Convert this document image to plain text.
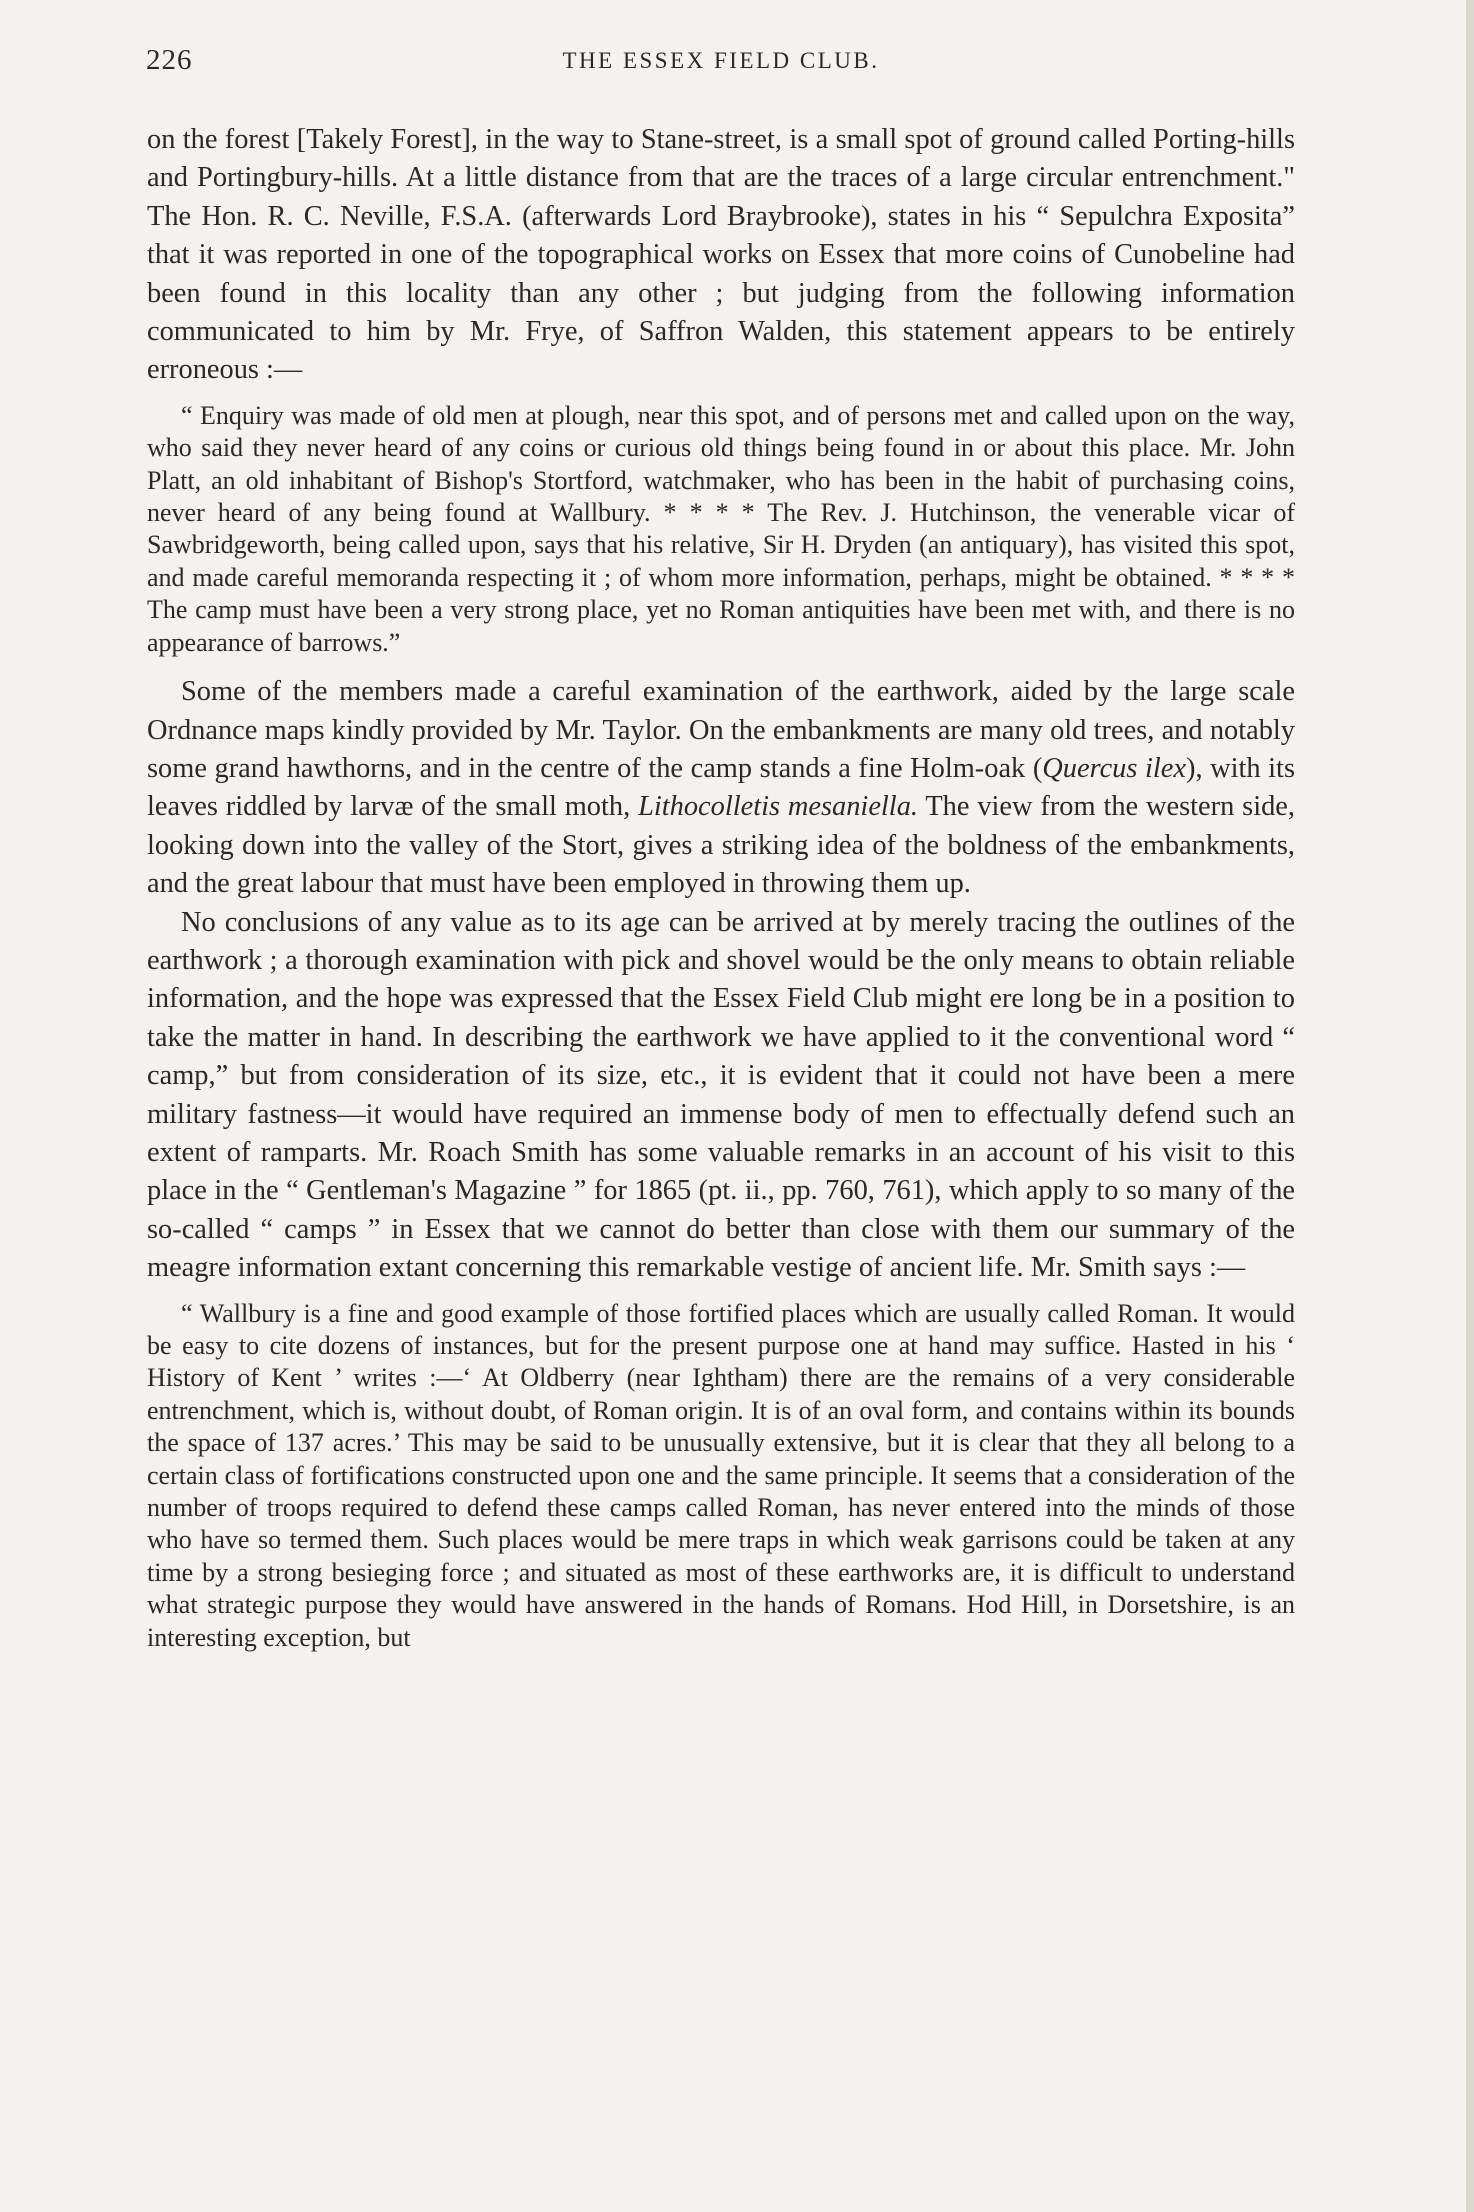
226	THE ESSEX FIELD CLUB.

on the forest [Takely Forest], in the way to Stane-street, is a small spot of ground called Porting-hills and Portingbury-hills. At a little distance from that are the traces of a large circular entrenchment." The Hon. R. C. Neville, F.S.A. (afterwards Lord Braybrooke), states in his “ Sepulchra Exposita” that it was reported in one of the topographical works on Essex that more coins of Cunobeline had been found in this locality than any other ; but judging from the following information communicated to him by Mr. Frye, of Saffron Walden, this statement appears to be entirely erroneous :—

“ Enquiry was made of old men at plough, near this spot, and of persons met and called upon on the way, who said they never heard of any coins or curious old things being found in or about this place. Mr. John Platt, an old inhabitant of Bishop's Stortford, watchmaker, who has been in the habit of purchasing coins, never heard of any being found at Wallbury. * * * * The Rev. J. Hutchinson, the venerable vicar of Sawbridgeworth, being called upon, says that his relative, Sir H. Dryden (an antiquary), has visited this spot, and made careful memoranda respecting it ; of whom more information, perhaps, might be obtained. * * * * The camp must have been a very strong place, yet no Roman antiquities have been met with, and there is no appearance of barrows.”

Some of the members made a careful examination of the earthwork, aided by the large scale Ordnance maps kindly provided by Mr. Taylor. On the embankments are many old trees, and notably some grand hawthorns, and in the centre of the camp stands a fine Holm-oak (Quercus ilex), with its leaves riddled by larvæ of the small moth, Lithocolletis mesaniella. The view from the western side, looking down into the valley of the Stort, gives a striking idea of the boldness of the embankments, and the great labour that must have been employed in throwing them up.

No conclusions of any value as to its age can be arrived at by merely tracing the outlines of the earthwork ; a thorough examination with pick and shovel would be the only means to obtain reliable information, and the hope was expressed that the Essex Field Club might ere long be in a position to take the matter in hand. In describing the earthwork we have applied to it the conventional word “ camp,” but from consideration of its size, etc., it is evident that it could not have been a mere military fastness—it would have required an immense body of men to effectually defend such an extent of ramparts. Mr. Roach Smith has some valuable remarks in an account of his visit to this place in the “ Gentleman's Magazine ” for 1865 (pt. ii., pp. 760, 761), which apply to so many of the so-called “ camps ” in Essex that we cannot do better than close with them our summary of the meagre information extant concerning this remarkable vestige of ancient life. Mr. Smith says :—

“ Wallbury is a fine and good example of those fortified places which are usually called Roman. It would be easy to cite dozens of instances, but for the present purpose one at hand may suffice. Hasted in his ‘ History of Kent ’ writes :—‘ At Oldberry (near Ightham) there are the remains of a very considerable entrenchment, which is, without doubt, of Roman origin. It is of an oval form, and contains within its bounds the space of 137 acres.’ This may be said to be unusually extensive, but it is clear that they all belong to a certain class of fortifications constructed upon one and the same principle. It seems that a consideration of the number of troops required to defend these camps called Roman, has never entered into the minds of those who have so termed them. Such places would be mere traps in which weak garrisons could be taken at any time by a strong besieging force ; and situated as most of these earthworks are, it is difficult to understand what strategic purpose they would have answered in the hands of Romans. Hod Hill, in Dorsetshire, is an interesting exception, but
